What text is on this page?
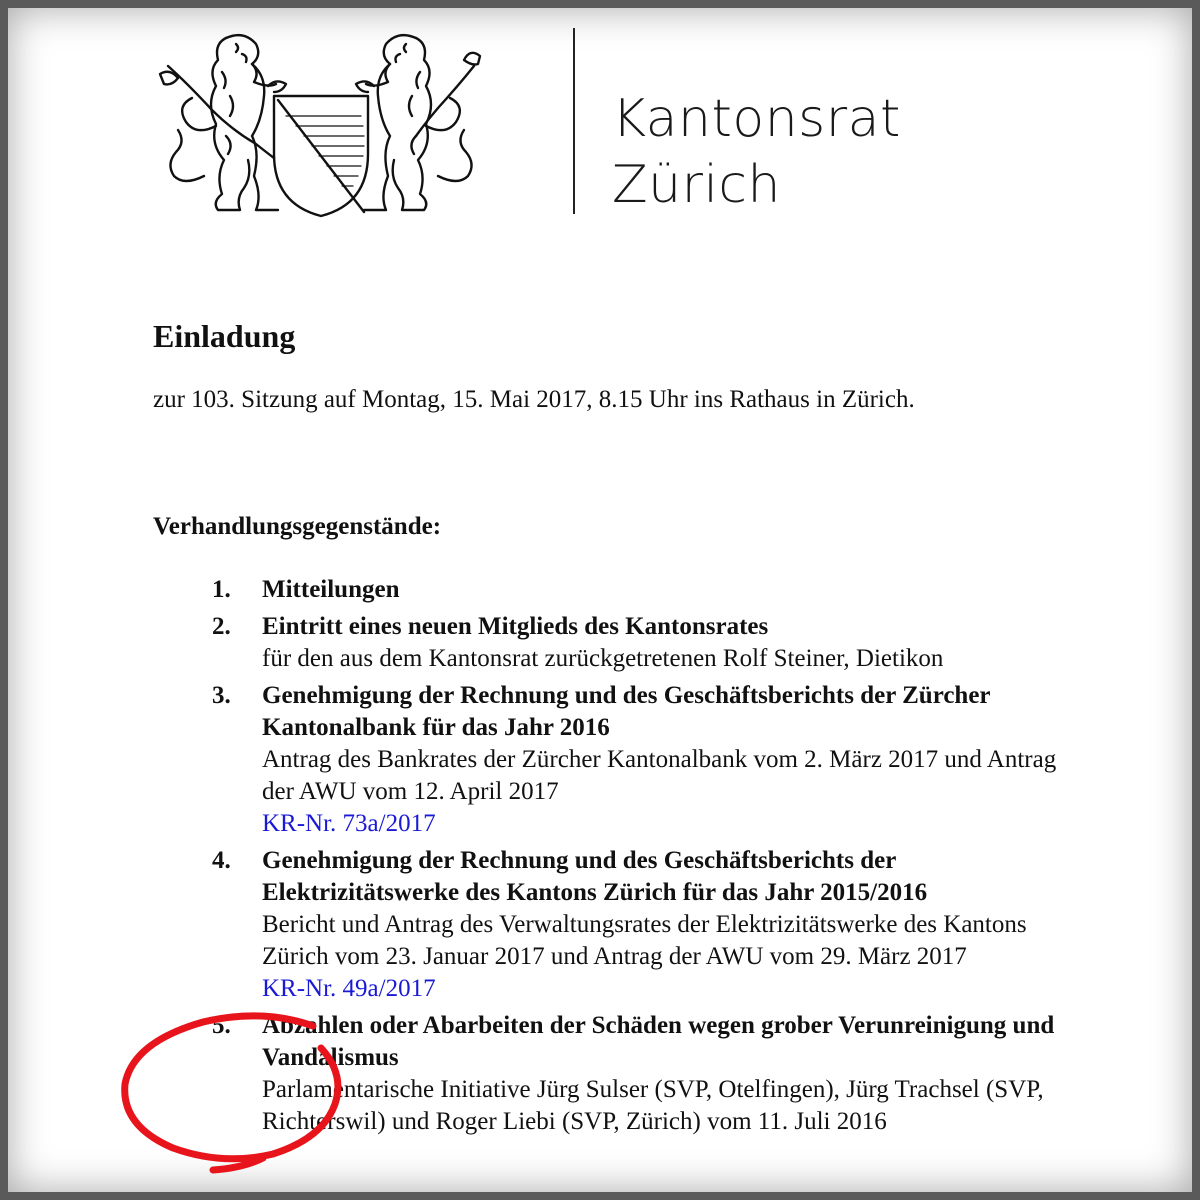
Kantonsrat
Zürich
Einladung
zur 103. Sitzung auf Montag, 15. Mai 2017, 8.15 Uhr ins Rathaus in Zürich.
Verhandlungsgegenstände:
1. Mitteilungen
2. Eintritt eines neuen Mitglieds des Kantonsrates
für den aus dem Kantonsrat zurückgetretenen Rolf Steiner, Dietikon
3. Genehmigung der Rechnung und des Geschäftsberichts der Zürcher Kantonalbank für das Jahr 2016
Antrag des Bankrates der Zürcher Kantonalbank vom 2. März 2017 und Antrag der AWU vom 12. April 2017
KR-Nr. 73a/2017
4. Genehmigung der Rechnung und des Geschäftsberichts der Elektrizitätswerke des Kantons Zürich für das Jahr 2015/2016
Bericht und Antrag des Verwaltungsrates der Elektrizitätswerke des Kantons Zürich vom 23. Januar 2017 und Antrag der AWU vom 29. März 2017
KR-Nr. 49a/2017
5. Abzahlen oder Abarbeiten der Schäden wegen grober Verunreinigung und Vandalismus
Parlamentarische Initiative Jürg Sulser (SVP, Otelfingen), Jürg Trachsel (SVP, Richterswil) und Roger Liebi (SVP, Zürich) vom 11. Juli 2016
